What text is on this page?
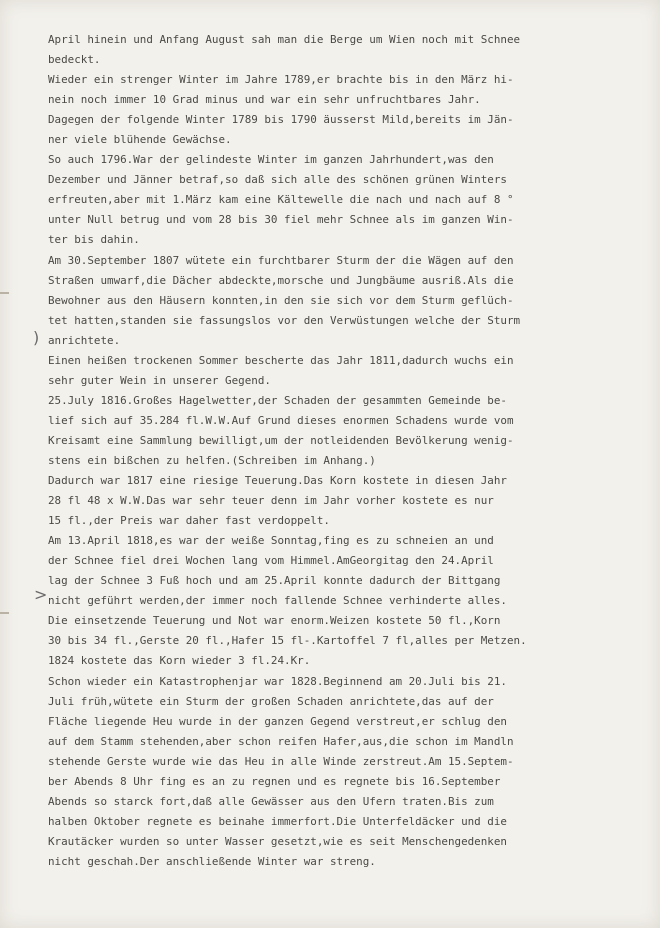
)
>
April hinein und Anfang August sah man die Berge um Wien noch mit Schnee
bedeckt.
Wieder ein strenger Winter im Jahre 1789,er brachte bis in den März hi-
nein noch immer 10 Grad minus und war ein sehr unfruchtbares Jahr.
Dagegen der folgende Winter 1789 bis 1790 äusserst Mild,bereits im Jän-
ner viele blühende Gewächse.
So auch 1796.War der gelindeste Winter im ganzen Jahrhundert,was den
Dezember und Jänner betraf,so daß sich alle des schönen grünen Winters
erfreuten,aber mit 1.März kam eine Kältewelle die nach und nach auf 8 °
unter Null betrug und vom 28 bis 30 fiel mehr Schnee als im ganzen Win-
ter bis dahin.
Am 30.September 1807 wütete ein furchtbarer Sturm der die Wägen auf den
Straßen umwarf,die Dächer abdeckte,morsche und Jungbäume ausriß.Als die
Bewohner aus den Häusern konnten,in den sie sich vor dem Sturm geflüch-
tet hatten,standen sie fassungslos vor den Verwüstungen welche der Sturm
anrichtete.
Einen heißen trockenen Sommer bescherte das Jahr 1811,dadurch wuchs ein
sehr guter Wein in unserer Gegend.
25.July 1816.Großes Hagelwetter,der Schaden der gesammten Gemeinde be-
lief sich auf 35.284 fl.W.W.Auf Grund dieses enormen Schadens wurde vom
Kreisamt eine Sammlung bewilligt,um der notleidenden Bevölkerung wenig-
stens ein bißchen zu helfen.(Schreiben im Anhang.)
Dadurch war 1817 eine riesige Teuerung.Das Korn kostete in diesen Jahr
28 fl 48 x W.W.Das war sehr teuer denn im Jahr vorher kostete es nur
15 fl.,der Preis war daher fast verdoppelt.
Am 13.April 1818,es war der weiße Sonntag,fing es zu schneien an und
der Schnee fiel drei Wochen lang vom Himmel.AmGeorgitag den 24.April
lag der Schnee 3 Fuß hoch und am 25.April konnte dadurch der Bittgang
nicht geführt werden,der immer noch fallende Schnee verhinderte alles.
Die einsetzende Teuerung und Not war enorm.Weizen kostete 50 fl.,Korn
30 bis 34 fl.,Gerste 20 fl.,Hafer 15 fl-.Kartoffel 7 fl,alles per Metzen.
1824 kostete das Korn wieder 3 fl.24.Kr.
Schon wieder ein Katastrophenjar war 1828.Beginnend am 20.Juli bis 21.
Juli früh,wütete ein Sturm der großen Schaden anrichtete,das auf der
Fläche liegende Heu wurde in der ganzen Gegend verstreut,er schlug den
auf dem Stamm stehenden,aber schon reifen Hafer,aus,die schon im Mandln
stehende Gerste wurde wie das Heu in alle Winde zerstreut.Am 15.Septem-
ber Abends 8 Uhr fing es an zu regnen und es regnete bis 16.September
Abends so starck fort,daß alle Gewässer aus den Ufern traten.Bis zum
halben Oktober regnete es beinahe immerfort.Die Unterfeldäcker und die
Krautäcker wurden so unter Wasser gesetzt,wie es seit Menschengedenken
nicht geschah.Der anschließende Winter war streng.
